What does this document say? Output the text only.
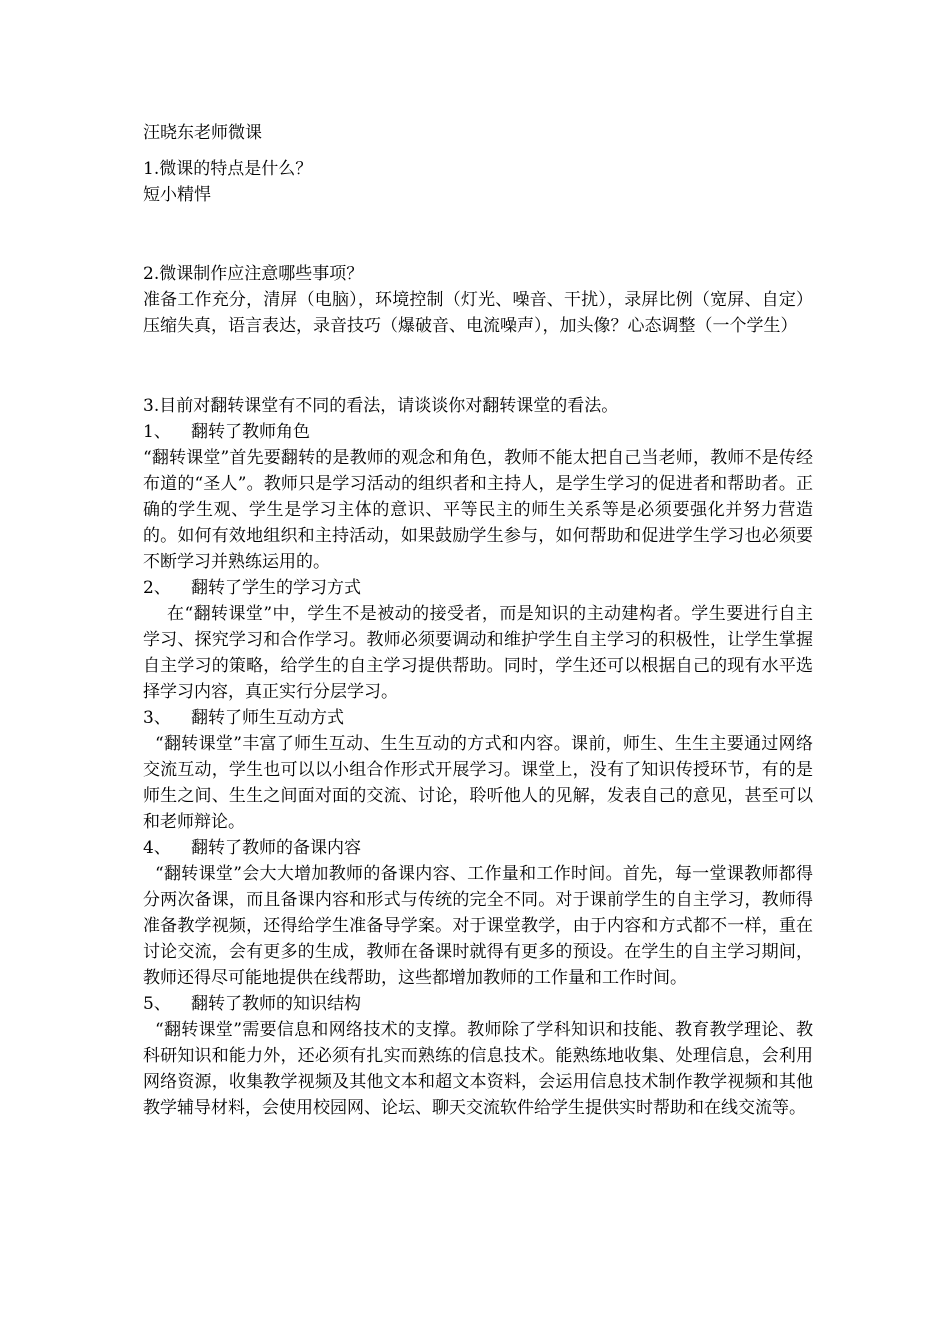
汪晓东老师微课

1.微课的特点是什么？

短小精悍

2.微课制作应注意哪些事项？

准备工作充分，清屏（电脑），环境控制（灯光、噪音、干扰），录屏比例（宽屏、自定）压缩失真，语言表达，录音技巧（爆破音、电流噪声），加头像？心态调整（一个学生）

3.目前对翻转课堂有不同的看法，请谈谈你对翻转课堂的看法。

1、	翻转了教师角色

“翻转课堂”首先要翻转的是教师的观念和角色，教师不能太把自己当老师，教师不是传经布道的“圣人”。教师只是学习活动的组织者和主持人，是学生学习的促进者和帮助者。正确的学生观、学生是学习主体的意识、平等民主的师生关系等是必须要强化并努力营造的。如何有效地组织和主持活动，如果鼓励学生参与，如何帮助和促进学生学习也必须要不断学习并熟练运用的。

2、	翻转了学生的学习方式

在“翻转课堂”中，学生不是被动的接受者，而是知识的主动建构者。学生要进行自主学习、探究学习和合作学习。教师必须要调动和维护学生自主学习的积极性，让学生掌握自主学习的策略，给学生的自主学习提供帮助。同时，学生还可以根据自己的现有水平选择学习内容，真正实行分层学习。

3、	翻转了师生互动方式

“翻转课堂”丰富了师生互动、生生互动的方式和内容。课前，师生、生生主要通过网络交流互动，学生也可以以小组合作形式开展学习。课堂上，没有了知识传授环节，有的是师生之间、生生之间面对面的交流、讨论，聆听他人的见解，发表自己的意见，甚至可以和老师辩论。

4、	翻转了教师的备课内容

“翻转课堂”会大大增加教师的备课内容、工作量和工作时间。首先，每一堂课教师都得分两次备课，而且备课内容和形式与传统的完全不同。对于课前学生的自主学习，教师得准备教学视频，还得给学生准备导学案。对于课堂教学，由于内容和方式都不一样，重在讨论交流，会有更多的生成，教师在备课时就得有更多的预设。在学生的自主学习期间，教师还得尽可能地提供在线帮助，这些都增加教师的工作量和工作时间。

5、	翻转了教师的知识结构

“翻转课堂”需要信息和网络技术的支撑。教师除了学科知识和技能、教育教学理论、教科研知识和能力外，还必须有扎实而熟练的信息技术。能熟练地收集、处理信息，会利用网络资源，收集教学视频及其他文本和超文本资料，会运用信息技术制作教学视频和其他教学辅导材料，会使用校园网、论坛、聊天交流软件给学生提供实时帮助和在线交流等。
